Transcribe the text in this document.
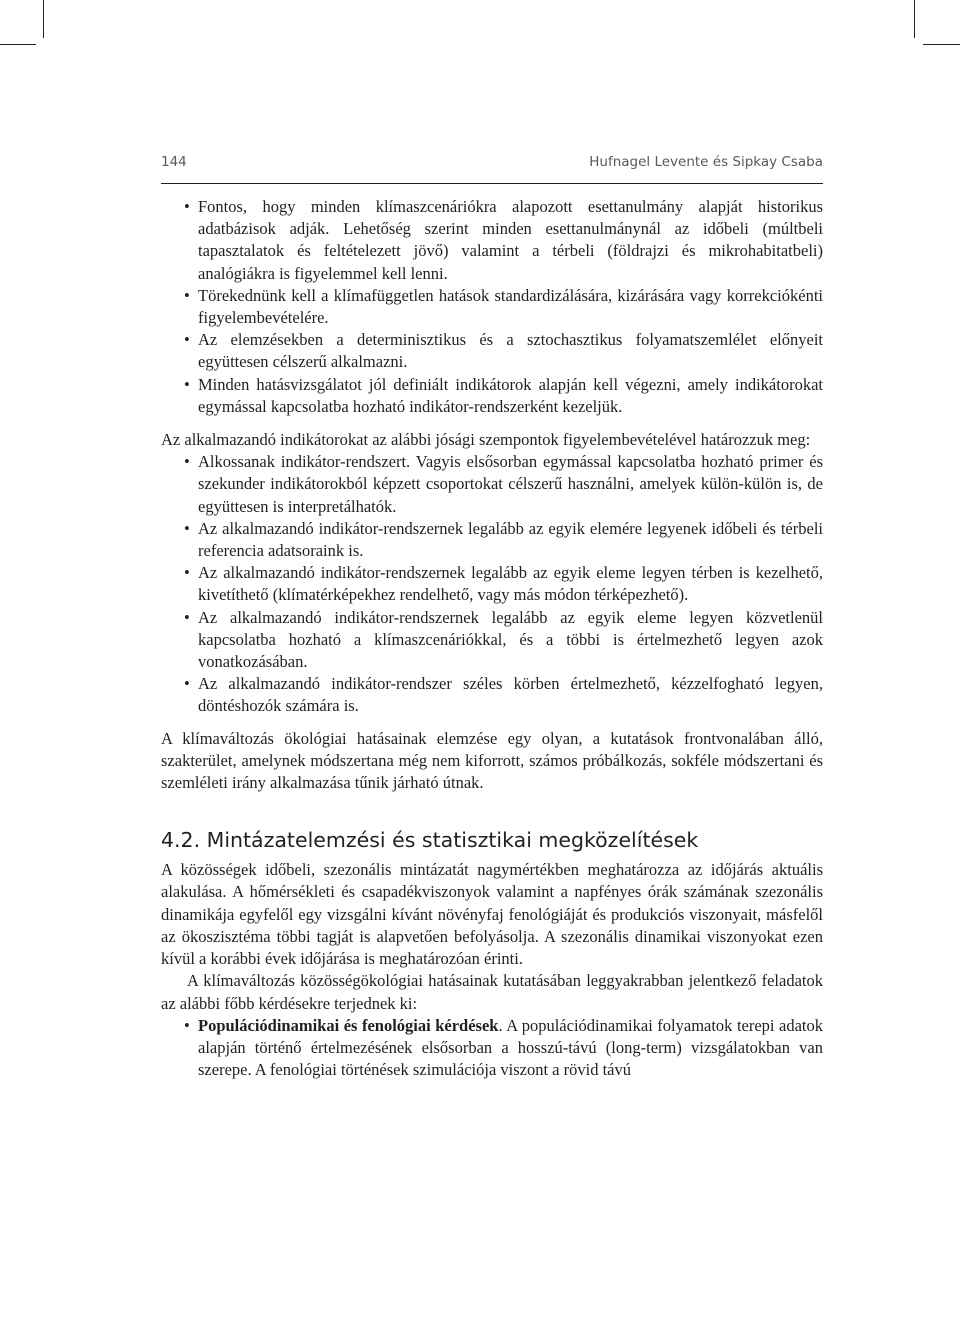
144	Hufnagel Levente és Sipkay Csaba
• Fontos, hogy minden klímaszcenáriókra alapozott esettanulmány alapját historikus adatbázisok adják. Lehetőség szerint minden esettanulmánynál az időbeli (múltbeli tapasztalatok és feltételezett jövő) valamint a térbeli (földrajzi és mikrohabitatbeli) analógiákra is figyelemmel kell lenni.
• Törekednünk kell a klímafüggetlen hatások standardizálására, kizárására vagy korrekciókénti figyelembevételére.
• Az elemzésekben a determinisztikus és a sztochasztikus folyamatszemlélet előnyeit együttesen célszerű alkalmazni.
• Minden hatásvizsgálatot jól definiált indikátorok alapján kell végezni, amely indikátorokat egymással kapcsolatba hozható indikátor-rendszerként kezeljük.

Az alkalmazandó indikátorokat az alábbi jósági szempontok figyelembevételével határozzuk meg:

• Alkossanak indikátor-rendszert. Vagyis elsősorban egymással kapcsolatba hozható primer és szekunder indikátorokból képzett csoportokat célszerű használni, amelyek külön-külön is, de együttesen is interpretálhatók.
• Az alkalmazandó indikátor-rendszernek legalább az egyik elemére legyenek időbeli és térbeli referencia adatsoraink is.
• Az alkalmazandó indikátor-rendszernek legalább az egyik eleme legyen térben is kezelhető, kivetíthető (klímatérképekhez rendelhető, vagy más módon térképezhető).
• Az alkalmazandó indikátor-rendszernek legalább az egyik eleme legyen közvetlenül kapcsolatba hozható a klímaszcenáriókkal, és a többi is értelmezhető legyen azok vonatkozásában.
• Az alkalmazandó indikátor-rendszer széles körben értelmezhető, kézzelfogható legyen, döntéshozók számára is.

A klímaváltozás ökológiai hatásainak elemzése egy olyan, a kutatások frontvonalában álló, szakterület, amelynek módszertana még nem kiforrott, számos próbálkozás, sokféle módszertani és szemléleti irány alkalmazása tűnik járható útnak.

4.2. Mintázatelemzési és statisztikai megközelítések

A közösségek időbeli, szezonális mintázatát nagymértékben meghatározza az időjárás aktuális alakulása. A hőmérsékleti és csapadékviszonyok valamint a napfényes órák számának szezonális dinamikája egyfelől egy vizsgálni kívánt növényfaj fenológiáját és produkciós viszonyait, másfelől az ökoszisztéma többi tagját is alapvetően befolyásolja. A szezonális dinamikai viszonyokat ezen kívül a korábbi évek időjárása is meghatározóan érinti.

A klímaváltozás közösségökológiai hatásainak kutatásában leggyakrabban jelentkező feladatok az alábbi főbb kérdésekre terjednek ki:

• Populációdinamikai és fenológiai kérdések. A populációdinamikai folyamatok terepi adatok alapján történő értelmezésének elsősorban a hosszú-távú (long-term) vizsgálatokban van szerepe. A fenológiai történések szimulációja viszont a rövid távú
